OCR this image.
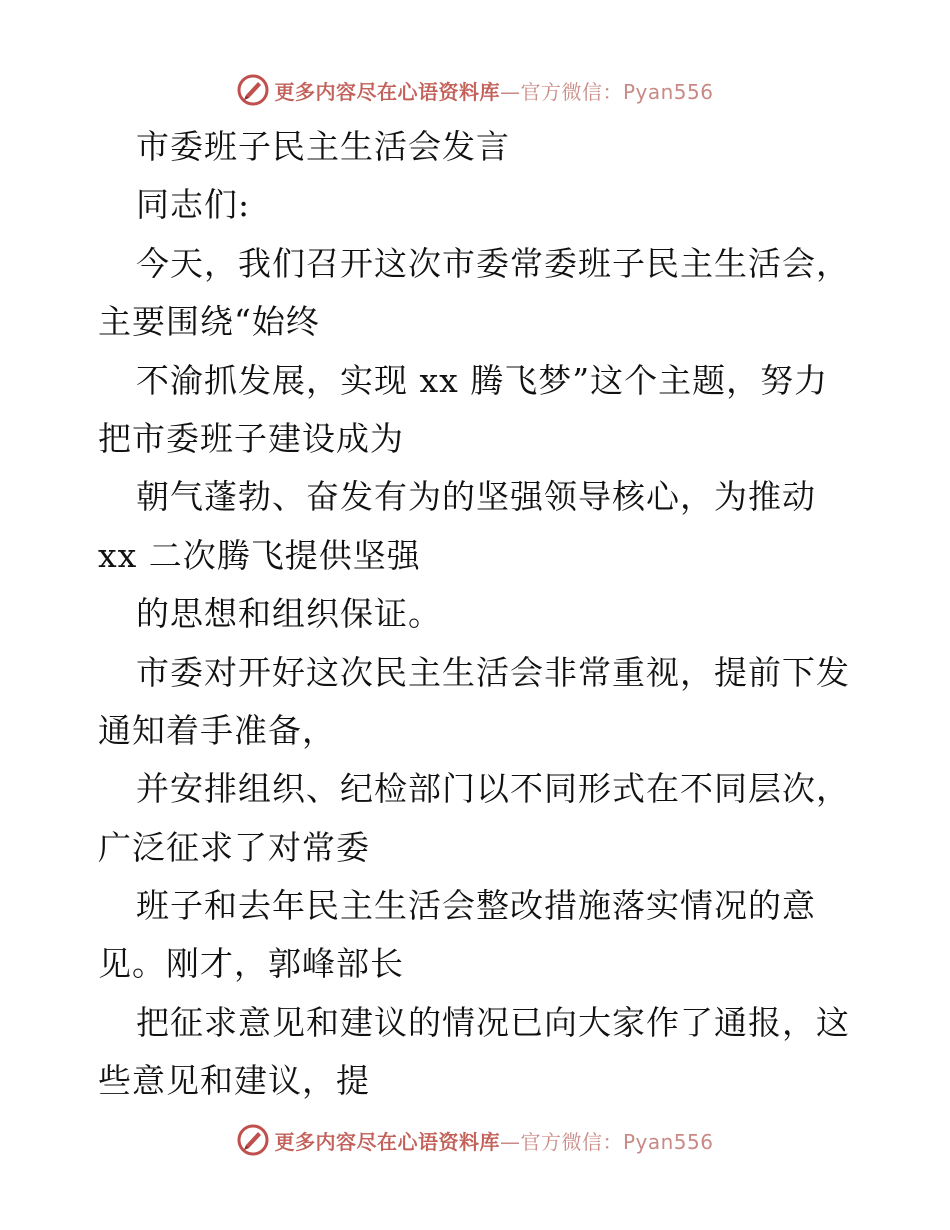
更多内容尽在心语资料库—官方微信：Pyan556
市委班子民主生活会发言
同志们:
今天，我们召开这次市委常委班子民主生活会，
主要围绕“始终
不渝抓发展，实现 xx 腾飞梦”这个主题，努力
把市委班子建设成为
朝气蓬勃、奋发有为的坚强领导核心，为推动
xx 二次腾飞提供坚强
的思想和组织保证。
市委对开好这次民主生活会非常重视，提前下发
通知着手准备，
并安排组织、纪检部门以不同形式在不同层次，
广泛征求了对常委
班子和去年民主生活会整改措施落实情况的意
见。刚才，郭峰部长
把征求意见和建议的情况已向大家作了通报，这
些意见和建议，提
更多内容尽在心语资料库—官方微信：Pyan556
